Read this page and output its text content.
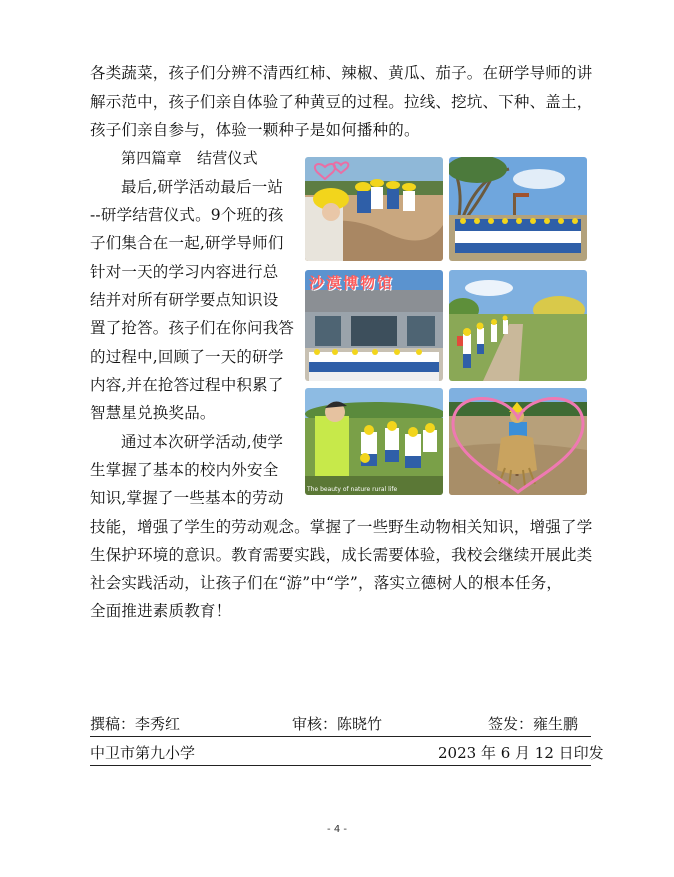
各类蔬菜，孩子们分辨不清西红柿、辣椒、黄瓜、茄子。在研学导师的讲
解示范中，孩子们亲自体验了种黄豆的过程。拉线、挖坑、下种、盖土，
孩子们亲自参与，体验一颗种子是如何播种的。
第四篇章　结营仪式
最后,研学活动最后一站
--研学结营仪式。9个班的孩
子们集合在一起,研学导师们
针对一天的学习内容进行总
结并对所有研学要点知识设
置了抢答。孩子们在你问我答
的过程中,回顾了一天的研学
内容,并在抢答过程中积累了
智慧星兑换奖品。
通过本次研学活动,使学
生掌握了基本的校内外安全
知识,掌握了一些基本的劳动
技能，增强了学生的劳动观念。掌握了一些野生动物相关知识，增强了学
生保护环境的意识。教育需要实践，成长需要体验，我校会继续开展此类
社会实践活动，让孩子们在“游”中“学”，落实立德树人的根本任务，
全面推进素质教育！
沙漠博物馆
The beauty of nature rural life
撰稿：李秀红	审核：陈晓竹	签发：雍生鹏
中卫市第九小学	2023 年 6 月 12 日印发
- 4 -
